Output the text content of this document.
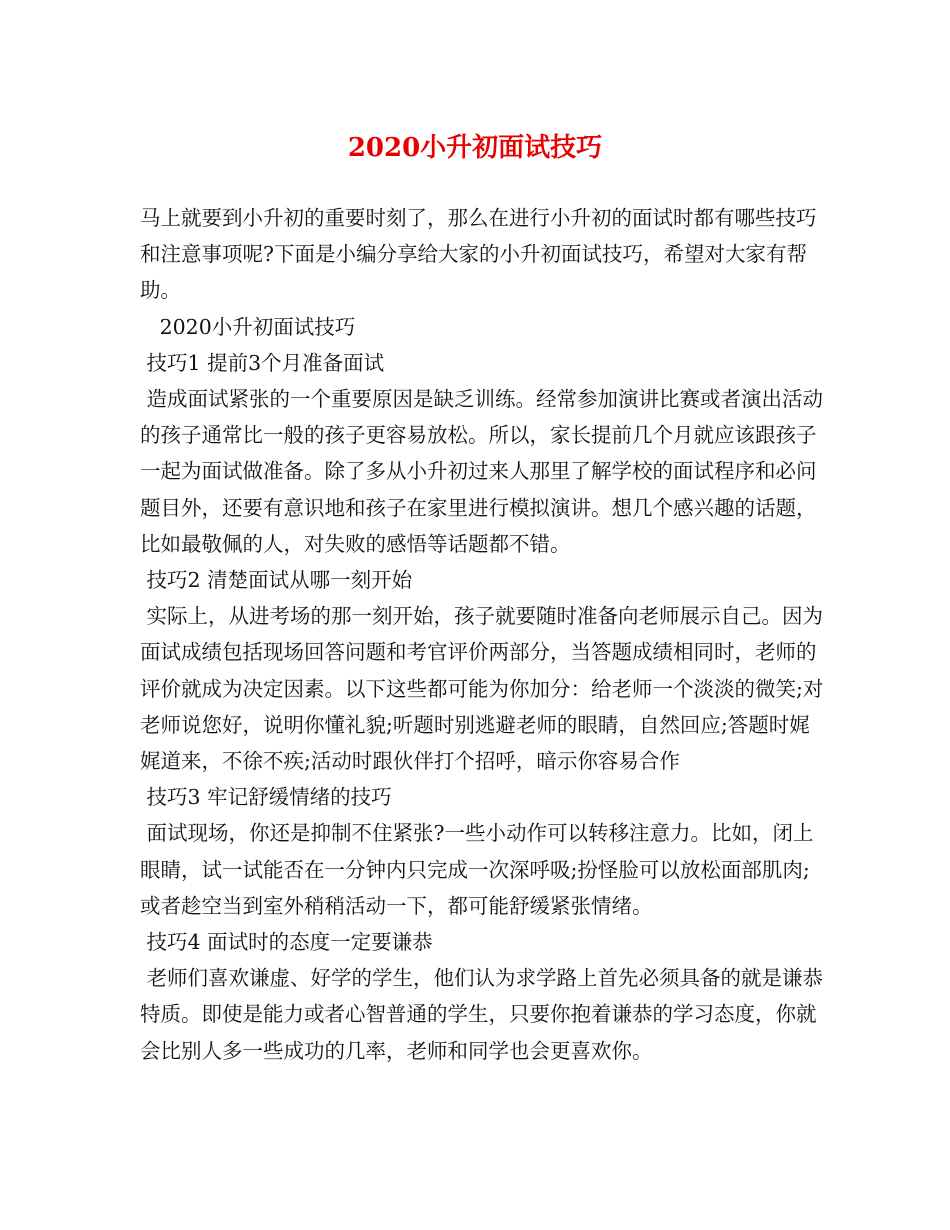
2020小升初面试技巧

马上就要到小升初的重要时刻了，那么在进行小升初的面试时都有哪些技巧和注意事项呢?下面是小编分享给大家的小升初面试技巧，希望对大家有帮助。

2020小升初面试技巧

技巧1 提前3个月准备面试

造成面试紧张的一个重要原因是缺乏训练。经常参加演讲比赛或者演出活动的孩子通常比一般的孩子更容易放松。所以，家长提前几个月就应该跟孩子一起为面试做准备。除了多从小升初过来人那里了解学校的面试程序和必问题目外，还要有意识地和孩子在家里进行模拟演讲。想几个感兴趣的话题，比如最敬佩的人，对失败的感悟等话题都不错。

技巧2 清楚面试从哪一刻开始

实际上，从进考场的那一刻开始，孩子就要随时准备向老师展示自己。因为面试成绩包括现场回答问题和考官评价两部分，当答题成绩相同时，老师的评价就成为决定因素。以下这些都可能为你加分：给老师一个淡淡的微笑;对老师说您好，说明你懂礼貌;听题时别逃避老师的眼睛，自然回应;答题时娓娓道来，不徐不疾;活动时跟伙伴打个招呼，暗示你容易合作

技巧3 牢记舒缓情绪的技巧

面试现场，你还是抑制不住紧张?一些小动作可以转移注意力。比如，闭上眼睛，试一试能否在一分钟内只完成一次深呼吸;扮怪脸可以放松面部肌肉;或者趁空当到室外稍稍活动一下，都可能舒缓紧张情绪。

技巧4 面试时的态度一定要谦恭

老师们喜欢谦虚、好学的学生，他们认为求学路上首先必须具备的就是谦恭特质。即使是能力或者心智普通的学生，只要你抱着谦恭的学习态度，你就会比别人多一些成功的几率，老师和同学也会更喜欢你。
